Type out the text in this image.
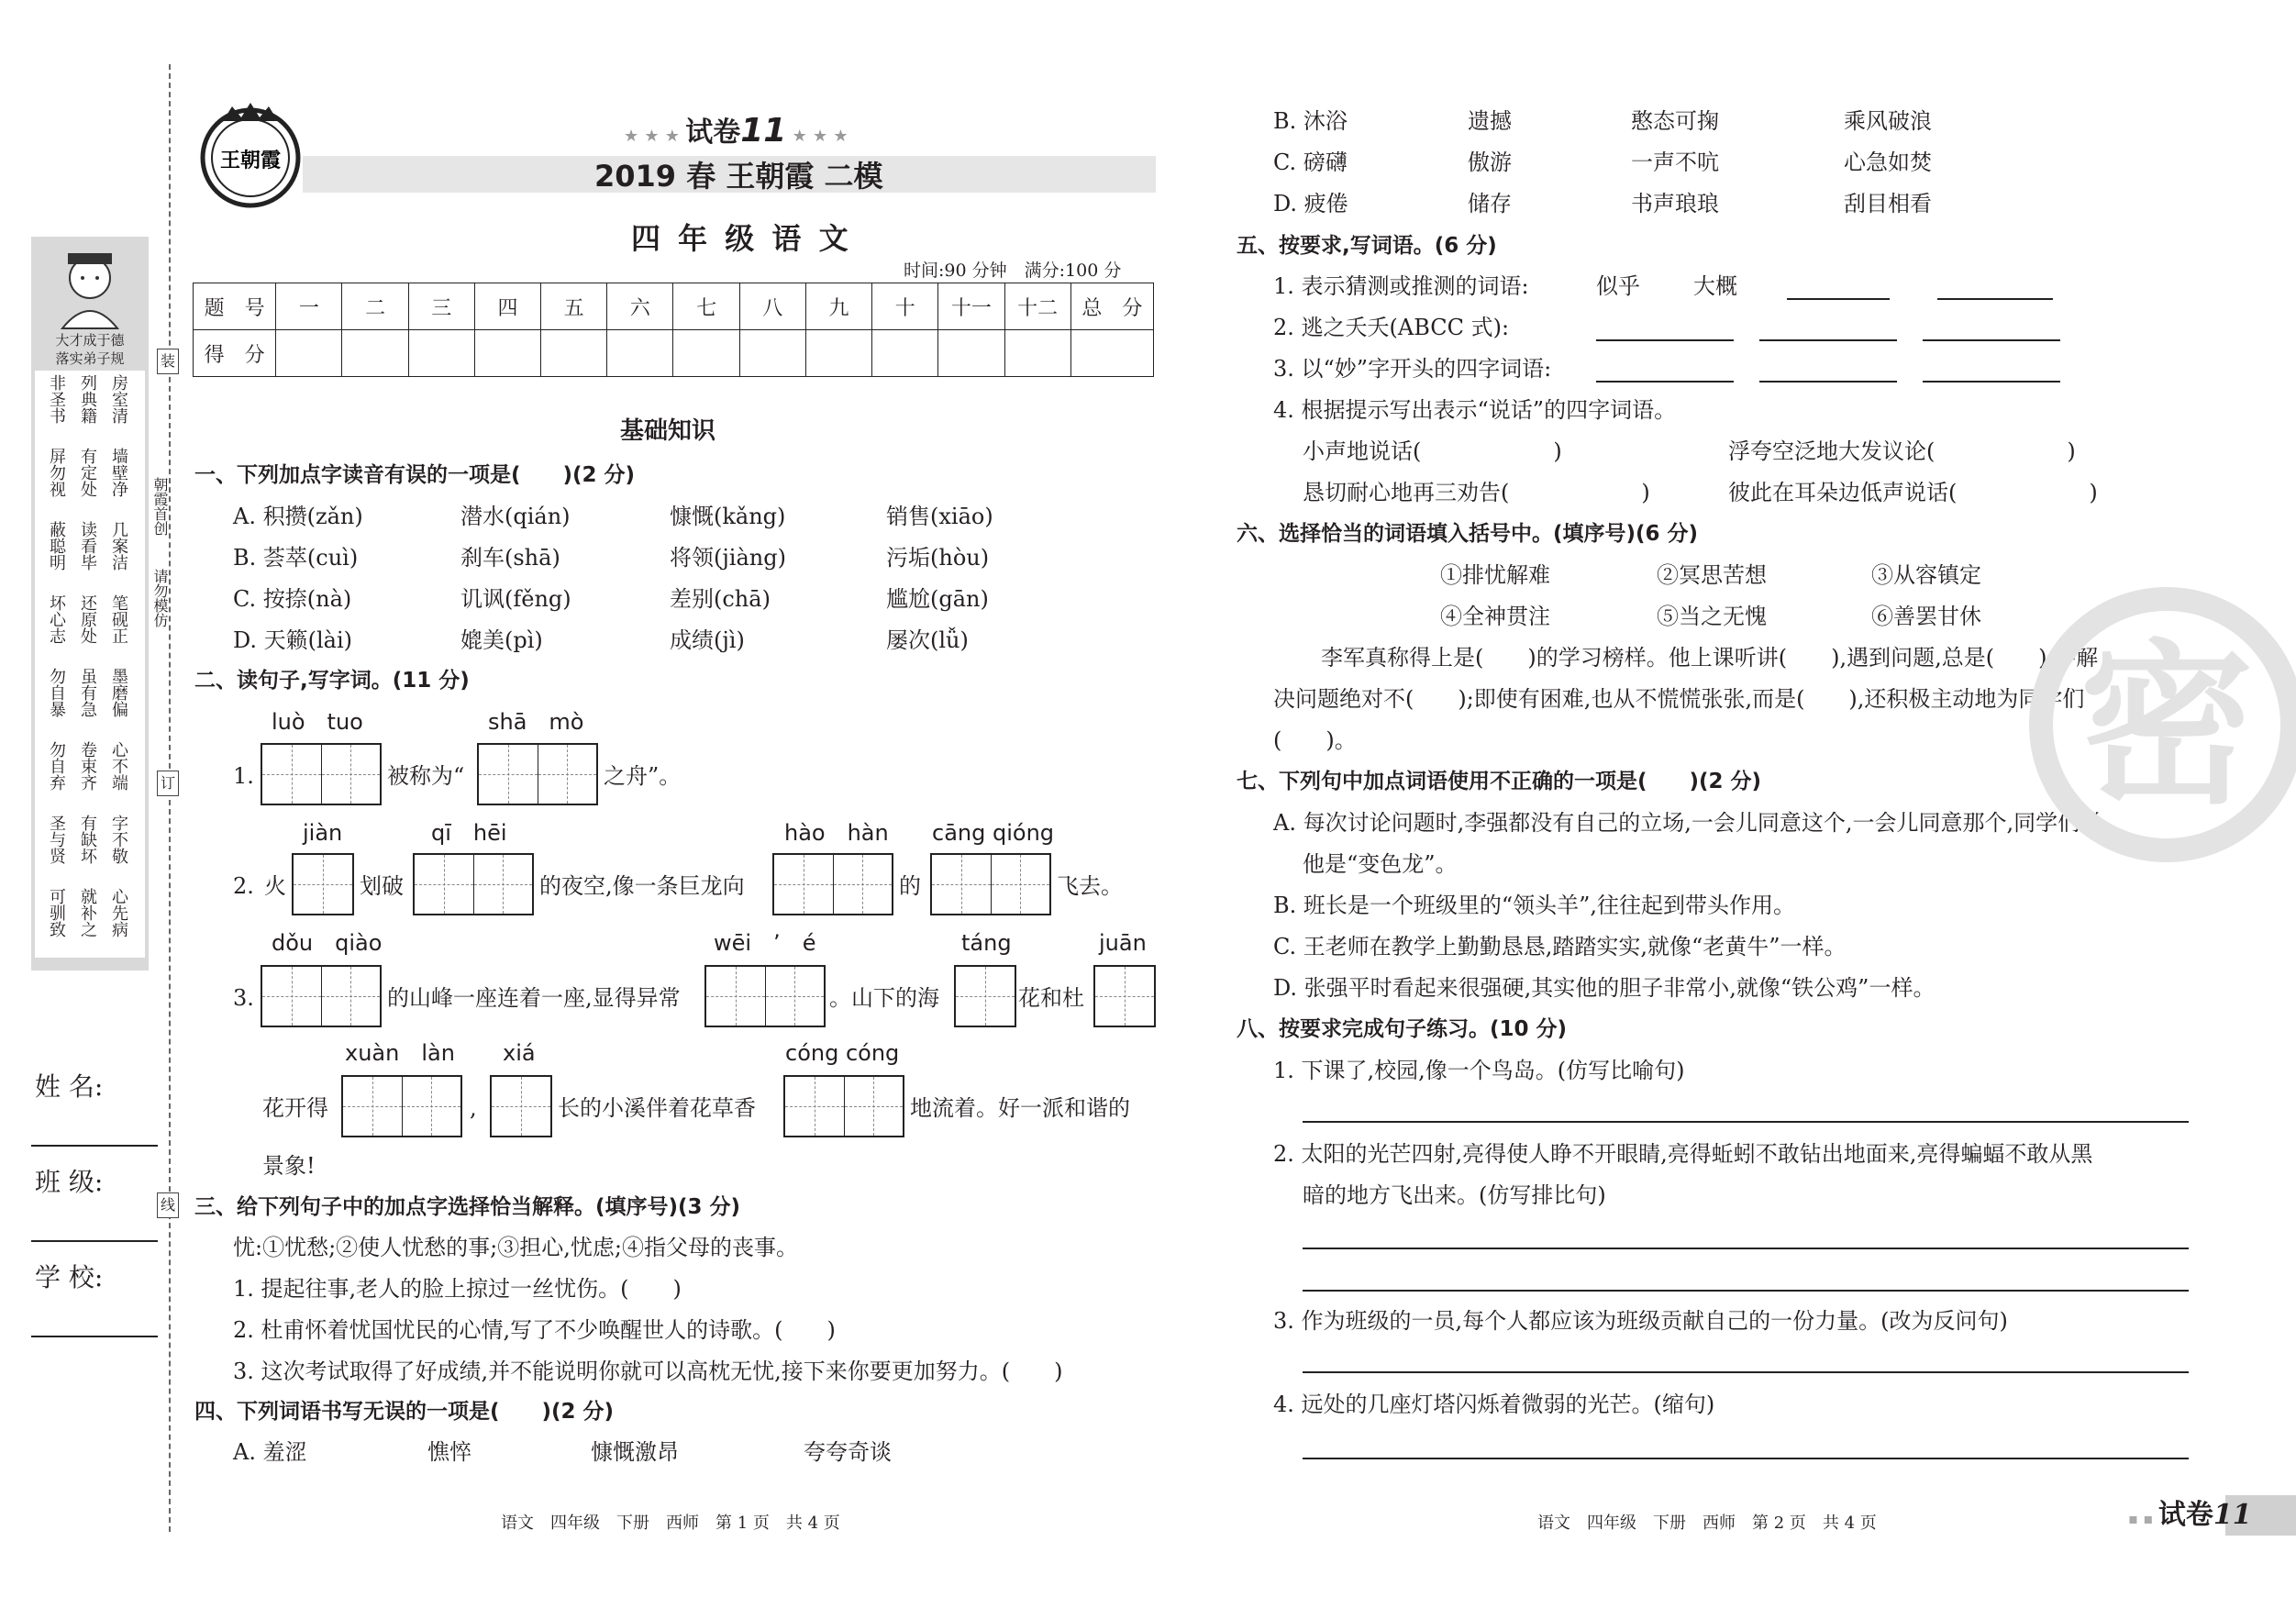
装
订
线
大才成于德
落实弟子规
非圣书 列典籍 房室清
屏勿视 有定处 墙壁净
蔽聪明 读看毕 几案洁
坏心志 还原处 笔砚正
勿自暴 虽有急 墨磨偏
勿自弃 卷束齐 心不端
圣与贤 有缺坏 字不敬
可驯致 就补之 心先病
朝霞首创
请勿模仿
姓 名:
班 级:
学 校:
王朝霞
★ ★ ★ 试卷11 ★ ★ ★
2019 春 王朝霞 二模
四 年 级 语 文
时间:90 分钟　满分:100 分
题　号	一	二	三	四	五	六	七	八	九	十	十一	十二	总　分
得　分													
基础知识
一、下列加点字读音有误的一项是(　　)(2 分)
A. 积攒(zǎn)	潜水(qián)	慷慨(kǎng)	销售(xiāo)
B. 荟萃(cuì)	刹车(shā)	将领(jiàng)	污垢(hòu)
C. 按捺(nà)	讥讽(fěng)	差别(chā)	尴尬(gān)
D. 天籁(lài)	媲美(pì)	成绩(jì)	屡次(lǚ)
二、读句子,写字词。(11 分)
luò　tuo	shā　mò
1.	被称为“	之舟”。
jiàn	qī　hēi	hào　hàn cāng qióng
2. 火	划破	的夜空,像一条巨龙向	的	飞去。
dǒu　qiào	wēi　’　é	táng	juān
3.	的山峰一座连着一座,显得异常	。山下的海	花和杜
xuàn　làn xiá	cóng cóng
花开得	,	长的小溪伴着花草香	地流着。好一派和谐的
景象!
三、给下列句子中的加点字选择恰当解释。(填序号)(3 分)
忧:①忧愁;②使人忧愁的事;③担心,忧虑;④指父母的丧事。
1. 提起往事,老人的脸上掠过一丝忧伤。(　　)
2. 杜甫怀着忧国忧民的心情,写了不少唤醒世人的诗歌。(　　)
3. 这次考试取得了好成绩,并不能说明你就可以高枕无忧,接下来你要更加努力。(　　)
四、下列词语书写无误的一项是(　　)(2 分)
A. 羞涩	憔悴	慷慨激昂	夸夸奇谈
语文　四年级　下册　西师　第 1 页　共 4 页
B. 沐浴	遗撼	憨态可掬	乘风破浪
C. 磅礴	傲游	一声不吭	心急如焚
D. 疲倦	储存	书声琅琅	刮目相看
五、按要求,写词语。(6 分)
1. 表示猜测或推测的词语:	似乎 大概
2. 逃之夭夭(ABCC 式):
3. 以“妙”字开头的四字词语:
4. 根据提示写出表示“说话”的四字词语。
小声地说话(　　　　　　)	浮夸空泛地大发议论(　　　　　　)
恳切耐心地再三劝告(　　　　　　)	彼此在耳朵边低声说话(　　　　　　)
六、选择恰当的词语填入括号中。(填序号)(6 分)
①排忧解难	②冥思苦想	③从容镇定
④全神贯注	⑤当之无愧	⑥善罢甘休
李军真称得上是(　　)的学习榜样。他上课听讲(　　),遇到问题,总是(　　),不解
决问题绝对不(　　);即使有困难,也从不慌慌张张,而是(　　),还积极主动地为同学们
(　　)。
七、下列句中加点词语使用不正确的一项是(　　)(2 分)
A. 每次讨论问题时,李强都没有自己的立场,一会儿同意这个,一会儿同意那个,同学们说
他是“变色龙”。
B. 班长是一个班级里的“领头羊”,往往起到带头作用。
C. 王老师在教学上勤勤恳恳,踏踏实实,就像“老黄牛”一样。
D. 张强平时看起来很强硬,其实他的胆子非常小,就像“铁公鸡”一样。
八、按要求完成句子练习。(10 分)
1. 下课了,校园,像一个鸟岛。(仿写比喻句)
2. 太阳的光芒四射,亮得使人睁不开眼睛,亮得蚯蚓不敢钻出地面来,亮得蝙蝠不敢从黑
暗的地方飞出来。(仿写排比句)
3. 作为班级的一员,每个人都应该为班级贡献自己的一份力量。(改为反问句)
4. 远处的几座灯塔闪烁着微弱的光芒。(缩句)
语文　四年级　下册　西师　第 2 页　共 4 页	▪ ▪ 试卷11
密
